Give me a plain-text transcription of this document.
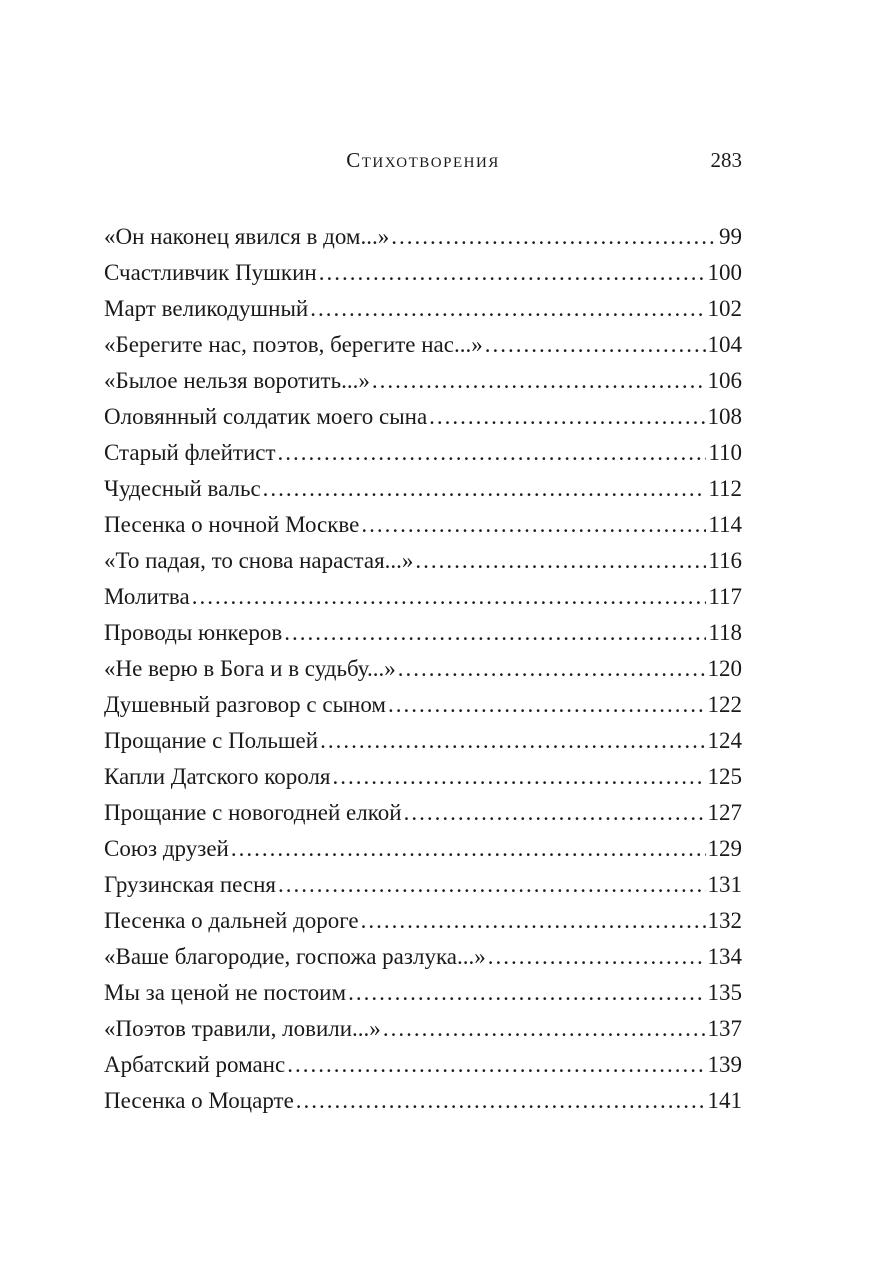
Стихотворения	283
«Он наконец явился в дом...» .....	99
Счастливчик Пушкин .....	100
Март великодушный .....	102
«Берегите нас, поэтов, берегите нас...» .....	104
«Былое нельзя воротить...» .....	106
Оловянный солдатик моего сына .....	108
Старый флейтист .....	110
Чудесный вальс .....	112
Песенка о ночной Москве .....	114
«То падая, то снова нарастая...» .....	116
Молитва .....	117
Проводы юнкеров .....	118
«Не верю в Бога и в судьбу...» .....	120
Душевный разговор с сыном .....	122
Прощание с Польшей .....	124
Капли Датского короля .....	125
Прощание с новогодней елкой .....	127
Союз друзей .....	129
Грузинская песня .....	131
Песенка о дальней дороге .....	132
«Ваше благородие, госпожа разлука...» .....	134
Мы за ценой не постоим .....	135
«Поэтов травили, ловили...» .....	137
Арбатский романс .....	139
Песенка о Моцарте .....	141
